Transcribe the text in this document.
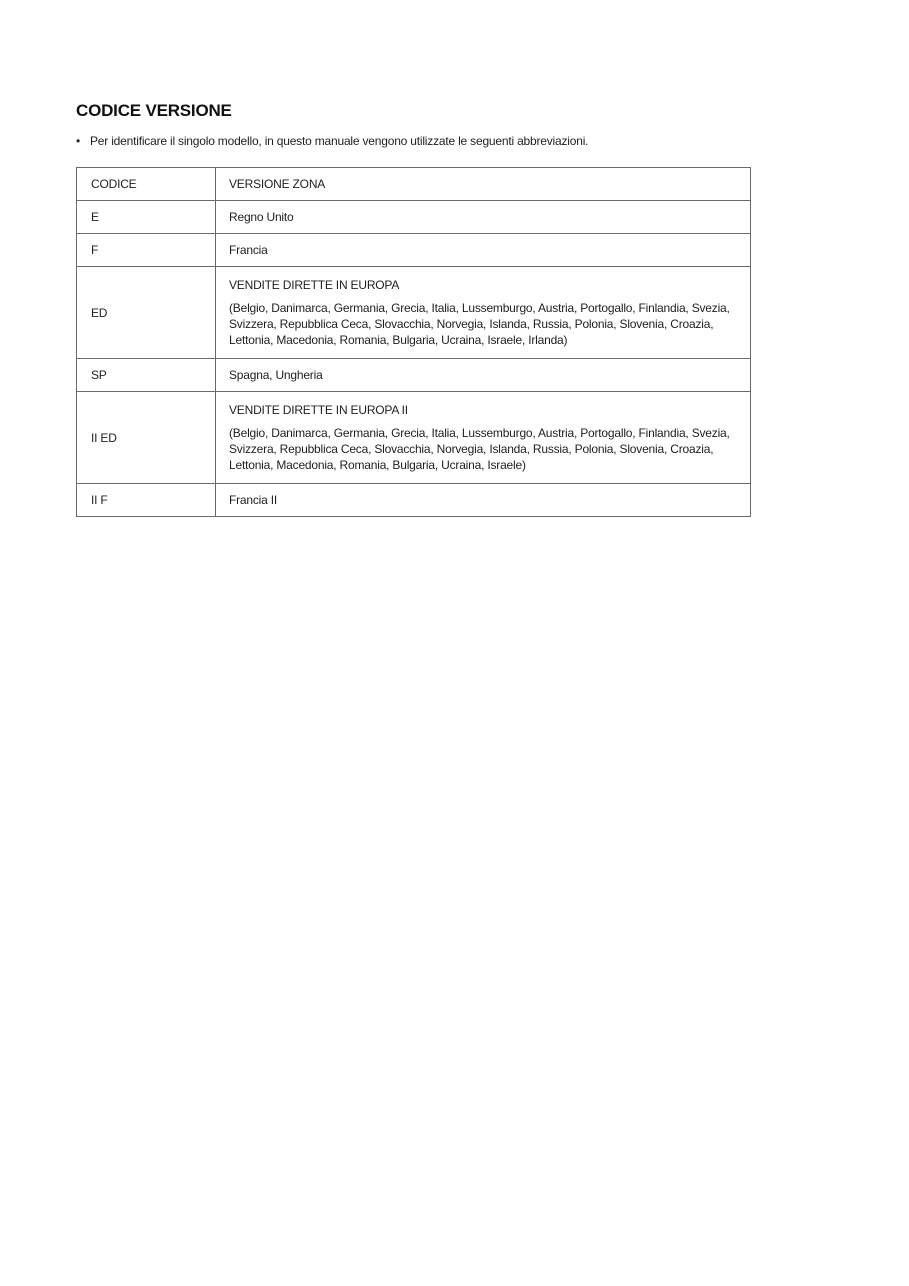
CODICE VERSIONE
• Per identificare il singolo modello, in questo manuale vengono utilizzate le seguenti abbreviazioni.
CODICE	VERSIONE ZONA
E	Regno Unito
F	Francia
ED	VENDITE DIRETTE IN EUROPA
(Belgio, Danimarca, Germania, Grecia, Italia, Lussemburgo, Austria, Portogallo, Finlandia, Svezia, Svizzera, Repubblica Ceca, Slovacchia, Norvegia, Islanda, Russia, Polonia, Slovenia, Croazia, Lettonia, Macedonia, Romania, Bulgaria, Ucraina, Israele, Irlanda)

SP	Spagna, Ungheria
II ED	VENDITE DIRETTE IN EUROPA II
(Belgio, Danimarca, Germania, Grecia, Italia, Lussemburgo, Austria, Portogallo, Finlandia, Svezia, Svizzera, Repubblica Ceca, Slovacchia, Norvegia, Islanda, Russia, Polonia, Slovenia, Croazia, Lettonia, Macedonia, Romania, Bulgaria, Ucraina, Israele)

II F	Francia II
